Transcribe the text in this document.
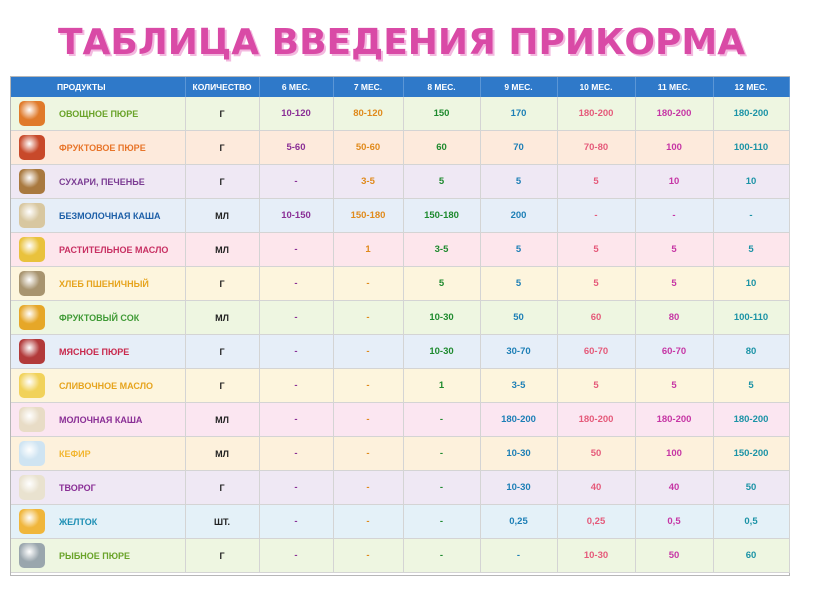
ТАБЛИЦА ВВЕДЕНИЯ ПРИКОРМА
ПРОДУКТЫ	КОЛИЧЕСТВО	6 МЕС.	7 МЕС.	8 МЕС.	9 МЕС.	10 МЕС.	11 МЕС.	12 МЕС.

ОВОЩНОЕ ПЮРЕ	Г	10-120	80-120	150	170	180-200	180-200	180-200

ФРУКТОВОЕ ПЮРЕ	Г	5-60	50-60	60	70	70-80	100	100-110

СУХАРИ, ПЕЧЕНЬЕ	Г	-	3-5	5	5	5	10	10

БЕЗМОЛОЧНАЯ КАША	МЛ	10-150	150-180	150-180	200	-	-	-

РАСТИТЕЛЬНОЕ МАСЛО	МЛ	-	1	3-5	5	5	5	5

ХЛЕБ ПШЕНИЧНЫЙ	Г	-	-	5	5	5	5	10

ФРУКТОВЫЙ СОК	МЛ	-	-	10-30	50	60	80	100-110

МЯСНОЕ ПЮРЕ	Г	-	-	10-30	30-70	60-70	60-70	80

СЛИВОЧНОЕ МАСЛО	Г	-	-	1	3-5	5	5	5

МОЛОЧНАЯ КАША	МЛ	-	-	-	180-200	180-200	180-200	180-200

КЕФИР	МЛ	-	-	-	10-30	50	100	150-200

ТВОРОГ	Г	-	-	-	10-30	40	40	50

ЖЕЛТОК	ШТ.	-	-	-	0,25	0,25	0,5	0,5

РЫБНОЕ ПЮРЕ	Г	-	-	-	-	10-30	50	60
